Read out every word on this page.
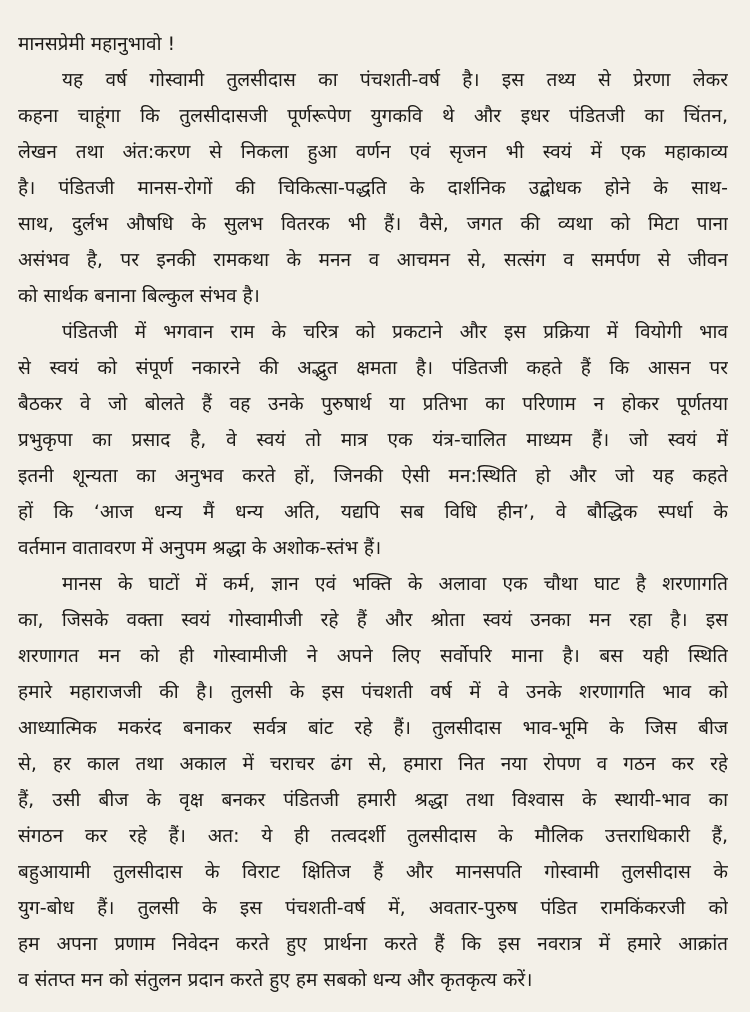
मानसप्रेमी महानुभावो !

यह वर्ष गोस्वामी तुलसीदास का पंचशती-वर्ष है। इस तथ्य से प्रेरणा लेकर
कहना चाहूंगा कि तुलसीदासजी पूर्णरूपेण युगकवि थे और इधर पंडितजी का चिंतन,
लेखन तथा अंत:करण से निकला हुआ वर्णन एवं सृजन भी स्वयं में एक महाकाव्य
है। पंडितजी मानस-रोगों की चिकित्सा-पद्धति के दार्शनिक उद्बोधक होने के साथ-
साथ, दुर्लभ औषधि के सुलभ वितरक भी हैं। वैसे, जगत की व्यथा को मिटा पाना
असंभव है, पर इनकी रामकथा के मनन व आचमन से, सत्संग व समर्पण से जीवन
को सार्थक बनाना बिल्कुल संभव है।
पंडितजी में भगवान राम के चरित्र को प्रकटाने और इस प्रक्रिया में वियोगी भाव
से स्वयं को संपूर्ण नकारने की अद्भुत क्षमता है। पंडितजी कहते हैं कि आसन पर
बैठकर वे जो बोलते हैं वह उनके पुरुषार्थ या प्रतिभा का परिणाम न होकर पूर्णतया
प्रभुकृपा का प्रसाद है, वे स्वयं तो मात्र एक यंत्र-चालित माध्यम हैं। जो स्वयं में
इतनी शून्यता का अनुभव करते हों, जिनकी ऐसी मन:स्थिति हो और जो यह कहते
हों कि ‘आज धन्य मैं धन्य अति, यद्यपि सब विधि हीन’, वे बौद्धिक स्पर्धा के
वर्तमान वातावरण में अनुपम श्रद्धा के अशोक-स्तंभ हैं।
मानस के घाटों में कर्म, ज्ञान एवं भक्ति के अलावा एक चौथा घाट है शरणागति
का, जिसके वक्ता स्वयं गोस्वामीजी रहे हैं और श्रोता स्वयं उनका मन रहा है। इस
शरणागत मन को ही गोस्वामीजी ने अपने लिए सर्वोपरि माना है। बस यही स्थिति
हमारे महाराजजी की है। तुलसी के इस पंचशती वर्ष में वे उनके शरणागति भाव को
आध्यात्मिक मकरंद बनाकर सर्वत्र बांट रहे हैं। तुलसीदास भाव-भूमि के जिस बीज
से, हर काल तथा अकाल में चराचर ढंग से, हमारा नित नया रोपण व गठन कर रहे
हैं, उसी बीज के वृक्ष बनकर पंडितजी हमारी श्रद्धा तथा विश्वास के स्थायी-भाव का
संगठन कर रहे हैं। अत: ये ही तत्वदर्शी तुलसीदास के मौलिक उत्तराधिकारी हैं,
बहुआयामी तुलसीदास के विराट क्षितिज हैं और मानसपति गोस्वामी तुलसीदास के
युग-बोध हैं। तुलसी के इस पंचशती-वर्ष में, अवतार-पुरुष पंडित रामकिंकरजी को
हम अपना प्रणाम निवेदन करते हुए प्रार्थना करते हैं कि इस नवरात्र में हमारे आक्रांत
व संतप्त मन को संतुलन प्रदान करते हुए हम सबको धन्य और कृतकृत्य करें।
